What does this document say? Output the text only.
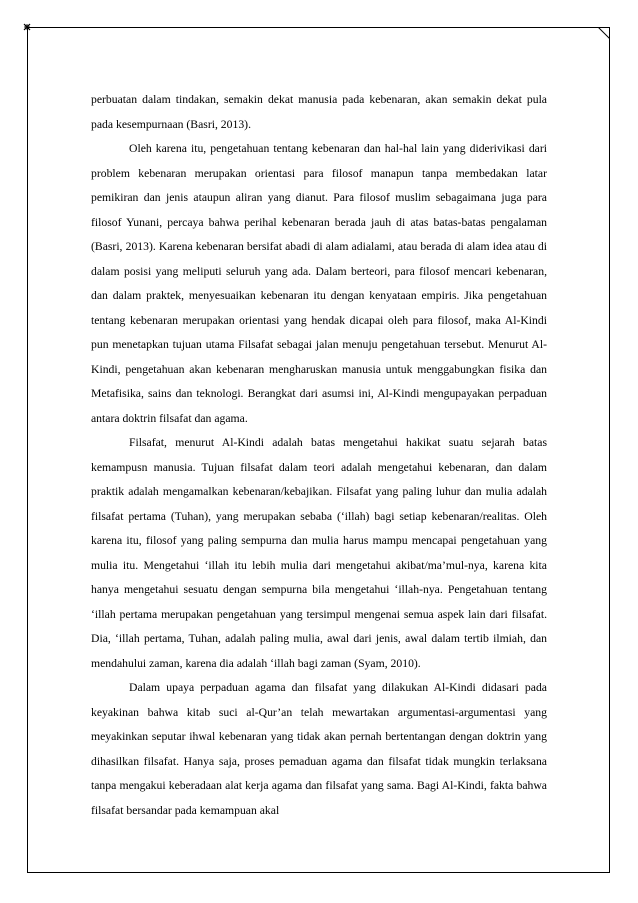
perbuatan dalam tindakan, semakin dekat manusia pada kebenaran, akan semakin dekat pula pada kesempurnaan (Basri, 2013).

Oleh karena itu, pengetahuan tentang kebenaran dan hal-hal lain yang diderivikasi dari problem kebenaran merupakan orientasi para filosof manapun tanpa membedakan latar pemikiran dan jenis ataupun aliran yang dianut. Para filosof muslim sebagaimana juga para filosof Yunani, percaya bahwa perihal kebenaran berada jauh di atas batas-batas pengalaman (Basri, 2013). Karena kebenaran bersifat abadi di alam adialami, atau berada di alam idea atau di dalam posisi yang meliputi seluruh yang ada. Dalam berteori, para filosof mencari kebenaran, dan dalam praktek, menyesuaikan kebenaran itu dengan kenyataan empiris. Jika pengetahuan tentang kebenaran merupakan orientasi yang hendak dicapai oleh para filosof, maka Al-Kindi pun menetapkan tujuan utama Filsafat sebagai jalan menuju pengetahuan tersebut. Menurut Al-Kindi, pengetahuan akan kebenaran mengharuskan manusia untuk menggabungkan fisika dan Metafisika, sains dan teknologi. Berangkat dari asumsi ini, Al-Kindi mengupayakan perpaduan antara doktrin filsafat dan agama.

Filsafat, menurut Al-Kindi adalah batas mengetahui hakikat suatu sejarah batas kemampusn manusia. Tujuan filsafat dalam teori adalah mengetahui kebenaran, dan dalam praktik adalah mengamalkan kebenaran/kebajikan. Filsafat yang paling luhur dan mulia adalah filsafat pertama (Tuhan), yang merupakan sebaba (‘illah) bagi setiap kebenaran/realitas. Oleh karena itu, filosof yang paling sempurna dan mulia harus mampu mencapai pengetahuan yang mulia itu. Mengetahui ‘illah itu lebih mulia dari mengetahui akibat/ma’mul-nya, karena kita hanya mengetahui sesuatu dengan sempurna bila mengetahui ‘illah-nya. Pengetahuan tentang ‘illah pertama merupakan pengetahuan yang tersimpul mengenai semua aspek lain dari filsafat. Dia, ‘illah pertama, Tuhan, adalah paling mulia, awal dari jenis, awal dalam tertib ilmiah, dan mendahului zaman, karena dia adalah ‘illah bagi zaman (Syam, 2010).

Dalam upaya perpaduan agama dan filsafat yang dilakukan Al-Kindi didasari pada keyakinan bahwa kitab suci al-Qur’an telah mewartakan argumentasi-argumentasi yang meyakinkan seputar ihwal kebenaran yang tidak akan pernah bertentangan dengan doktrin yang dihasilkan filsafat. Hanya saja, proses pemaduan agama dan filsafat tidak mungkin terlaksana tanpa mengakui keberadaan alat kerja agama dan filsafat yang sama. Bagi Al-Kindi, fakta bahwa filsafat bersandar pada kemampuan akal
